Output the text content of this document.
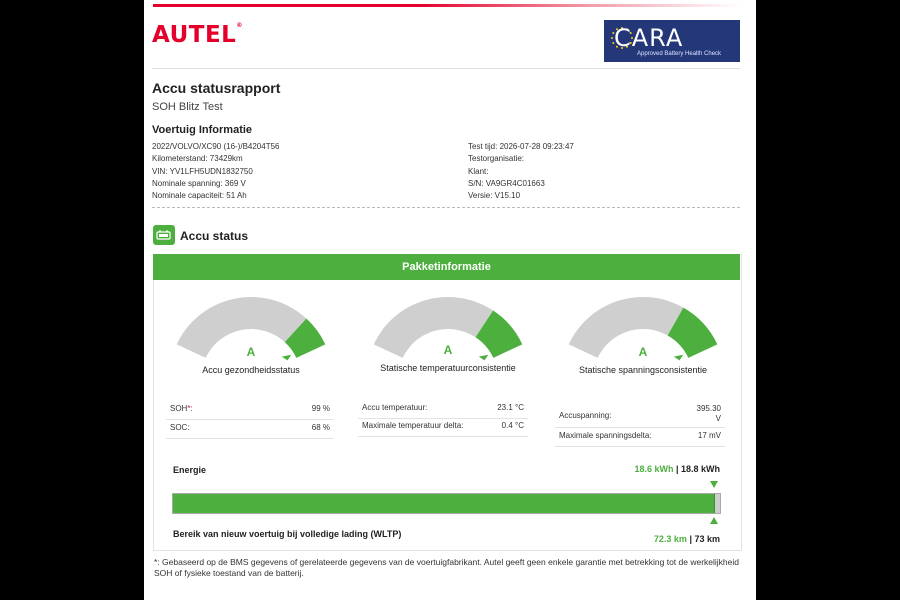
AUTEL®	CARA
Approved Battery Health Check
Accu statusrapport
SOH Blitz Test
Voertuig Informatie
2022/VOLVO/XC90 (16-)/B4204T56
Kilometerstand: 73429km
VIN: YV1LFH5UDN1832750
Nominale spanning: 369 V
Nominale capaciteit: 51 Ah
Test tijd: 2026-07-28 09:23:47
Testorganisatie:
Klant:
S/N: VA9GR4C01663
Versie: V15.10
Accu status
Pakketinformatie
A
Accu gezondheidsstatus
A
Statische temperatuurconsistentie
A
Statische spanningsconsistentie
SOH*:	99 %
SOC:	68 %
Accu temperatuur:	23.1 °C
Maximale temperatuur delta:	0.4 °C
Accuspanning:
395.30 V
Maximale spanningsdelta:	17 mV
Energie	18.6 kWh | 18.8 kWh
Bereik van nieuw voertuig bij volledige lading (WLTP)	72.3 km | 73 km
*: Gebaseerd op de BMS gegevens of gerelateerde gegevens van de voertuigfabrikant. Autel geeft geen enkele garantie met betrekking tot de werkelijkheid SOH of fysieke toestand van de batterij.
